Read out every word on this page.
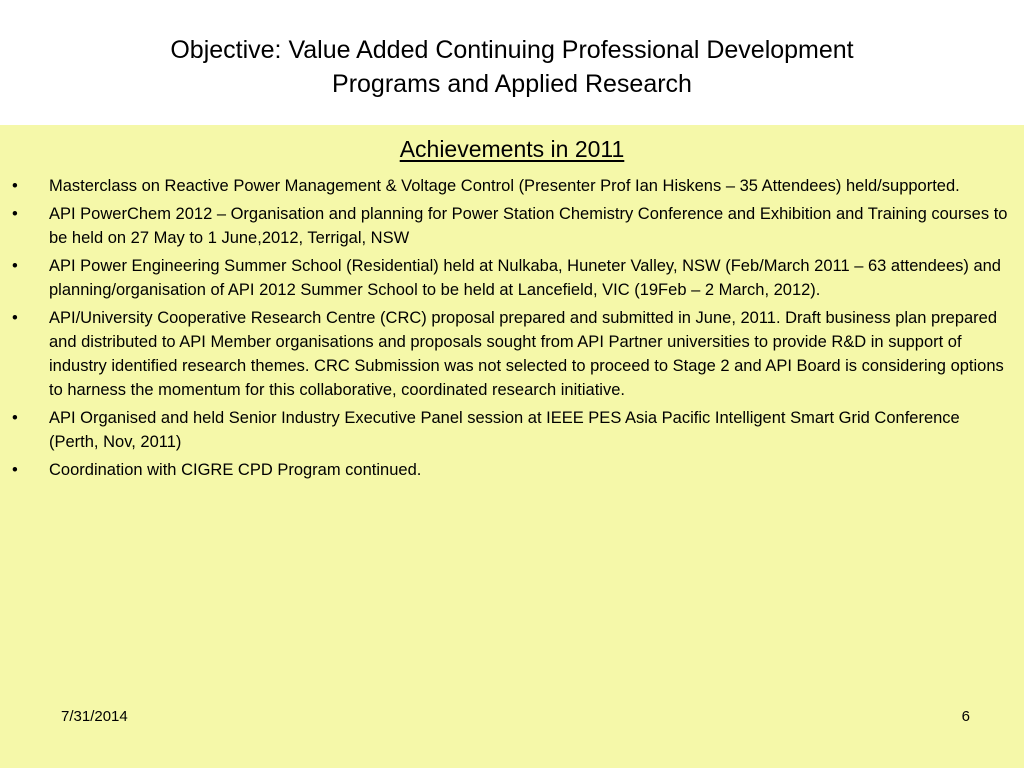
Objective: Value Added Continuing Professional Development
Programs and Applied Research
Achievements in 2011
•	Masterclass on Reactive Power Management & Voltage Control (Presenter Prof Ian Hiskens – 35 Attendees) held/supported.
•	API PowerChem 2012 – Organisation and planning for Power Station Chemistry Conference and Exhibition and Training courses to be held on 27 May to 1 June,2012, Terrigal, NSW
•	API Power Engineering Summer School (Residential) held at Nulkaba, Huneter Valley, NSW (Feb/March 2011 – 63 attendees) and planning/organisation of API 2012 Summer School to be held at Lancefield, VIC (19Feb – 2 March, 2012).
•	API/University Cooperative Research Centre (CRC) proposal prepared and submitted in June, 2011. Draft business plan prepared and distributed to API Member organisations and proposals sought from API Partner universities to provide R&D in support of industry identified research themes. CRC Submission was not selected to proceed to Stage 2 and API Board is considering options to harness the momentum for this collaborative, coordinated research initiative.
•	API Organised and held Senior Industry Executive Panel session at IEEE PES Asia Pacific Intelligent Smart Grid Conference (Perth, Nov, 2011)
•	Coordination with CIGRE CPD Program continued.
7/31/2014	6
